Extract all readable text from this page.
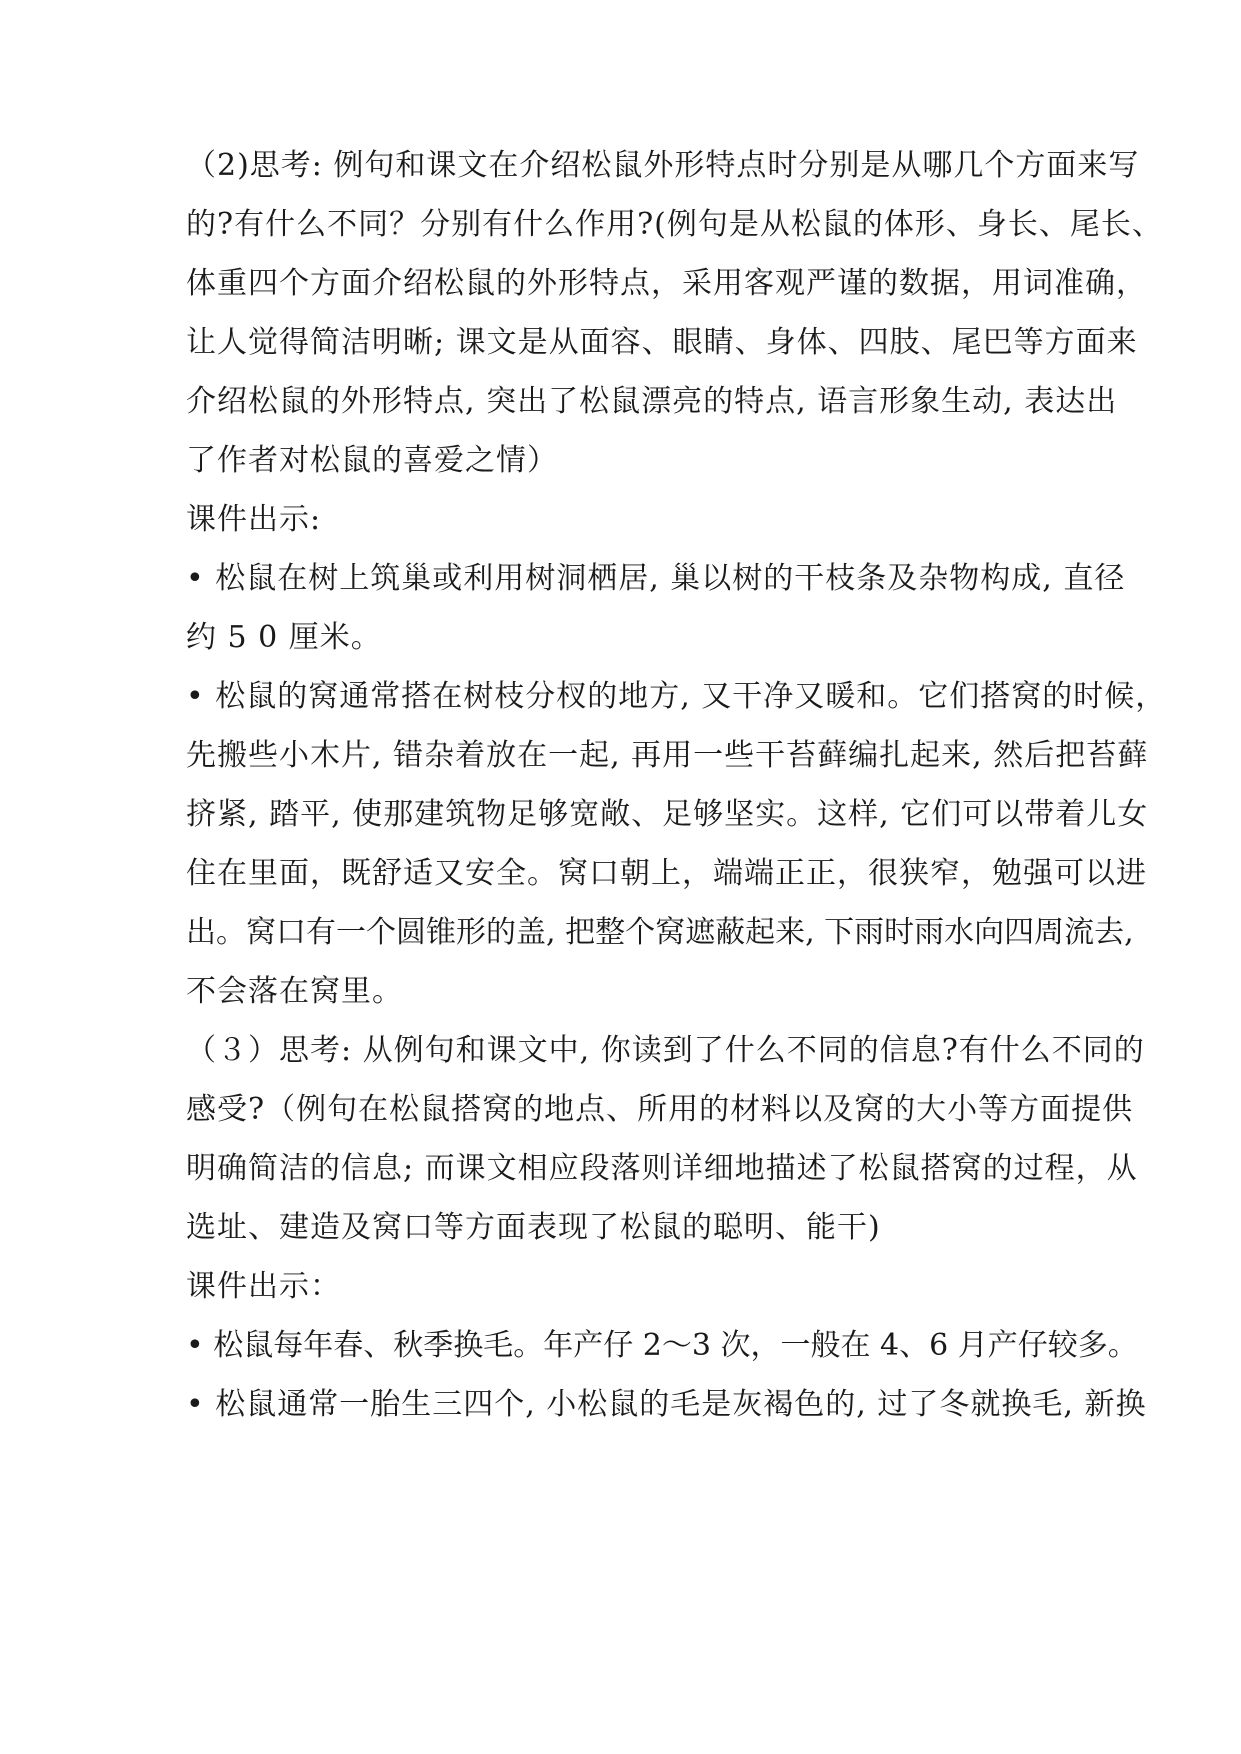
（2)思考: 例句和课文在介绍松鼠外形特点时分别是从哪几个方面来写
的?有什么不同？分别有什么作用?(例句是从松鼠的体形、身长、尾长、
体重四个方面介绍松鼠的外形特点，采用客观严谨的数据，用词准确，
让人觉得简洁明晰; 课文是从面容、眼睛、身体、四肢、尾巴等方面来
介绍松鼠的外形特点, 突出了松鼠漂亮的特点, 语言形象生动, 表达出
了作者对松鼠的喜爱之情）
课件出示:
• 松鼠在树上筑巢或利用树洞栖居, 巢以树的干枝条及杂物构成, 直径
约 5 0 厘米。
• 松鼠的窝通常搭在树枝分杈的地方, 又干净又暖和。它们搭窝的时候，
先搬些小木片, 错杂着放在一起, 再用一些干苔藓编扎起来, 然后把苔藓
挤紧, 踏平, 使那建筑物足够宽敞、足够坚实。这样, 它们可以带着儿女
住在里面，既舒适又安全。窝口朝上，端端正正，很狭窄，勉强可以进
出。窝口有一个圆锥形的盖, 把整个窝遮蔽起来, 下雨时雨水向四周流去,
不会落在窝里。
（３）思考: 从例句和课文中, 你读到了什么不同的信息?有什么不同的
感受?（例句在松鼠搭窝的地点、所用的材料以及窝的大小等方面提供
明确简洁的信息; 而课文相应段落则详细地描述了松鼠搭窝的过程，从
选址、建造及窝口等方面表现了松鼠的聪明、能干)
课件出示：
• 松鼠每年春、秋季换毛。年产仔 2～3 次，一般在 4、6 月产仔较多。
• 松鼠通常一胎生三四个, 小松鼠的毛是灰褐色的, 过了冬就换毛, 新换
